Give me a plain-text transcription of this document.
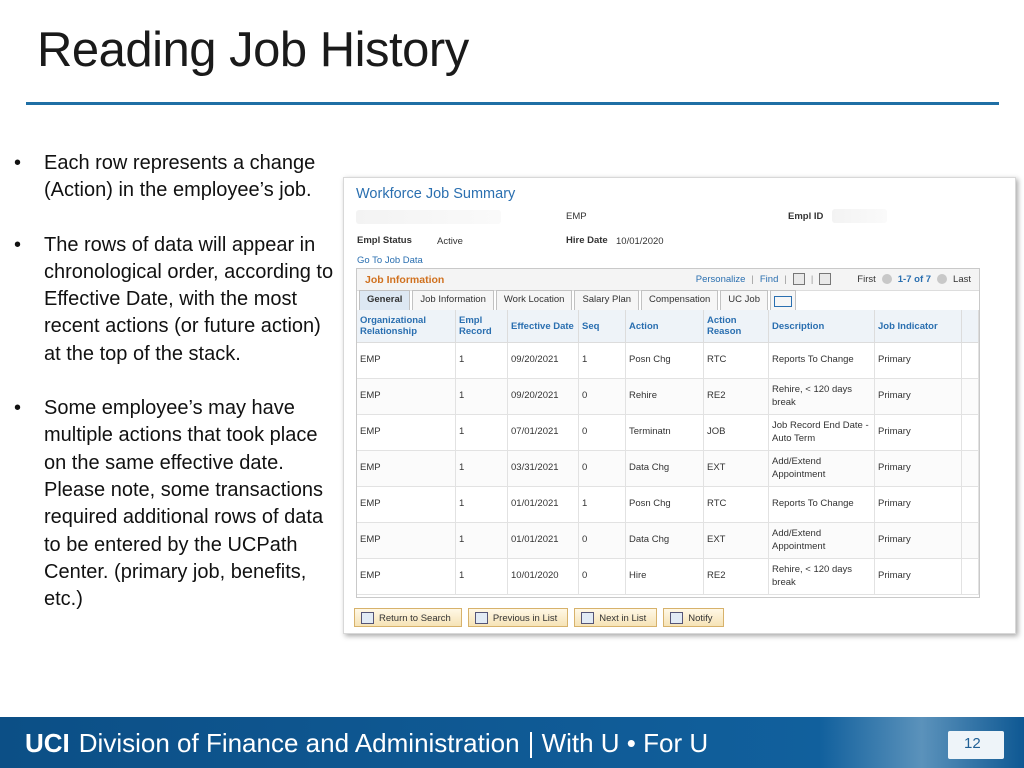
Reading Job History
•	Each row represents a change (Action) in the employee’s job.
•	The rows of data will appear in chronological order, according to Effective Date, with the most recent actions (or future action) at the top of the stack.
•	Some employee’s may have multiple actions that took place on the same effective date. Please note, some transactions required additional rows of data to be entered by the UCPath Center. (primary job, benefits, etc.)
Workforce Job Summary
EMP	Empl ID
Empl Status	Active	Hire Date 10/01/2020
Go To Job Data
Job Information	Personalize | Find |	|	First 1-7 of 7 Last
General	Job Information	Work Location	Salary Plan	Compensation	UC Job
Organizational Relationship	Empl Record	Effective Date	Seq	Action	Action Reason	Description	Job Indicator	
EMP	1	09/20/2021	1	Posn Chg	RTC	Reports To Change	Primary	
EMP	1	09/20/2021	0	Rehire	RE2	Rehire, < 120 days break	Primary	
EMP	1	07/01/2021	0	Terminatn	JOB	Job Record End Date -Auto Term	Primary	
EMP	1	03/31/2021	0	Data Chg	EXT	Add/Extend Appointment	Primary	
EMP	1	01/01/2021	1	Posn Chg	RTC	Reports To Change	Primary	
EMP	1	01/01/2021	0	Data Chg	EXT	Add/Extend Appointment	Primary	
EMP	1	10/01/2020	0	Hire	RE2	Rehire, < 120 days break	Primary	
Return to Search	Previous in List	Next in List	Notify
UCI Division of Finance and Administration With U • For U	12
